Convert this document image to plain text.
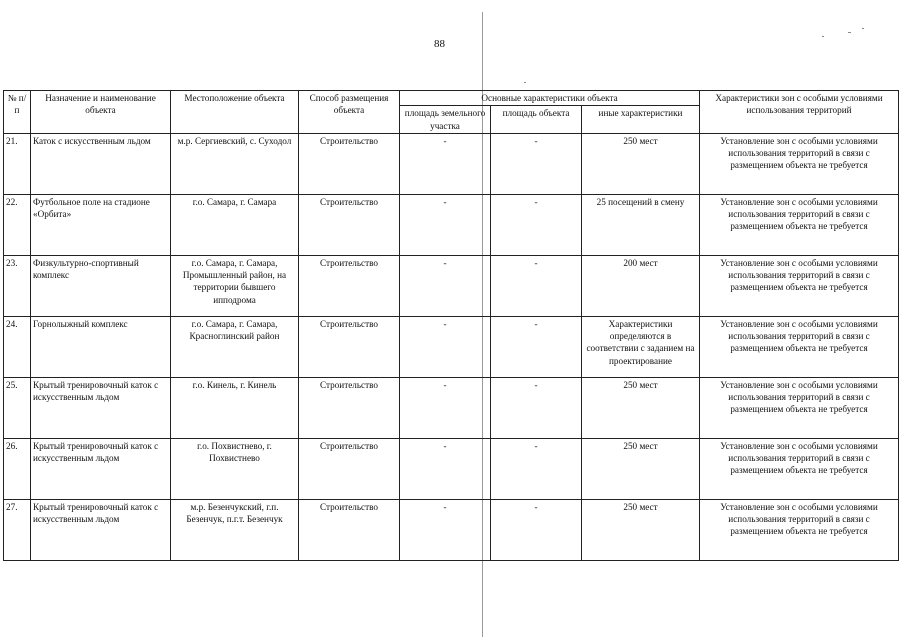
88
№ п/п	Назначение и наименование объекта	Местоположение объекта	Способ размещения объекта	Основные характеристики объекта			Характеристики зон с особыми условиями использования территорий
				площадь земельного участка	площадь объекта	иные характеристики	
21.	Каток с искусственным льдом	м.р. Сергиевский, с. Суходол	Строительство	-	-	250 мест	Установление зон с особыми условиями использования территорий в связи с размещением объекта не требуется
22.	Футбольное поле на стадионе «Орбита»	г.о. Самара, г. Самара	Строительство	-	-	25 посещений в смену	Установление зон с особыми условиями использования территорий в связи с размещением объекта не требуется
23.	Физкультурно-спортивный комплекс	г.о. Самара, г. Самара, Промышленный район, на территории бывшего ипподрома	Строительство	-	-	200 мест	Установление зон с особыми условиями использования территорий в связи с размещением объекта не требуется
24.	Горнолыжный комплекс	г.о. Самара, г. Самара, Красноглинский район	Строительство	-	-	Характеристики определяются в соответствии с заданием на проектирование	Установление зон с особыми условиями использования территорий в связи с размещением объекта не требуется
25.	Крытый тренировочный каток с искусственным льдом	г.о. Кинель, г. Кинель	Строительство	-	-	250 мест	Установление зон с особыми условиями использования территорий в связи с размещением объекта не требуется
26.	Крытый тренировочный каток с искусственным льдом	г.о. Похвистнево, г. Похвистнево	Строительство	-	-	250 мест	Установление зон с особыми условиями использования территорий в связи с размещением объекта не требуется
27.	Крытый тренировочный каток с искусственным льдом	м.р. Безенчукский, г.п. Безенчук, п.г.т. Безенчук	Строительство	-	-	250 мест	Установление зон с особыми условиями использования территорий в связи с размещением объекта не требуется
